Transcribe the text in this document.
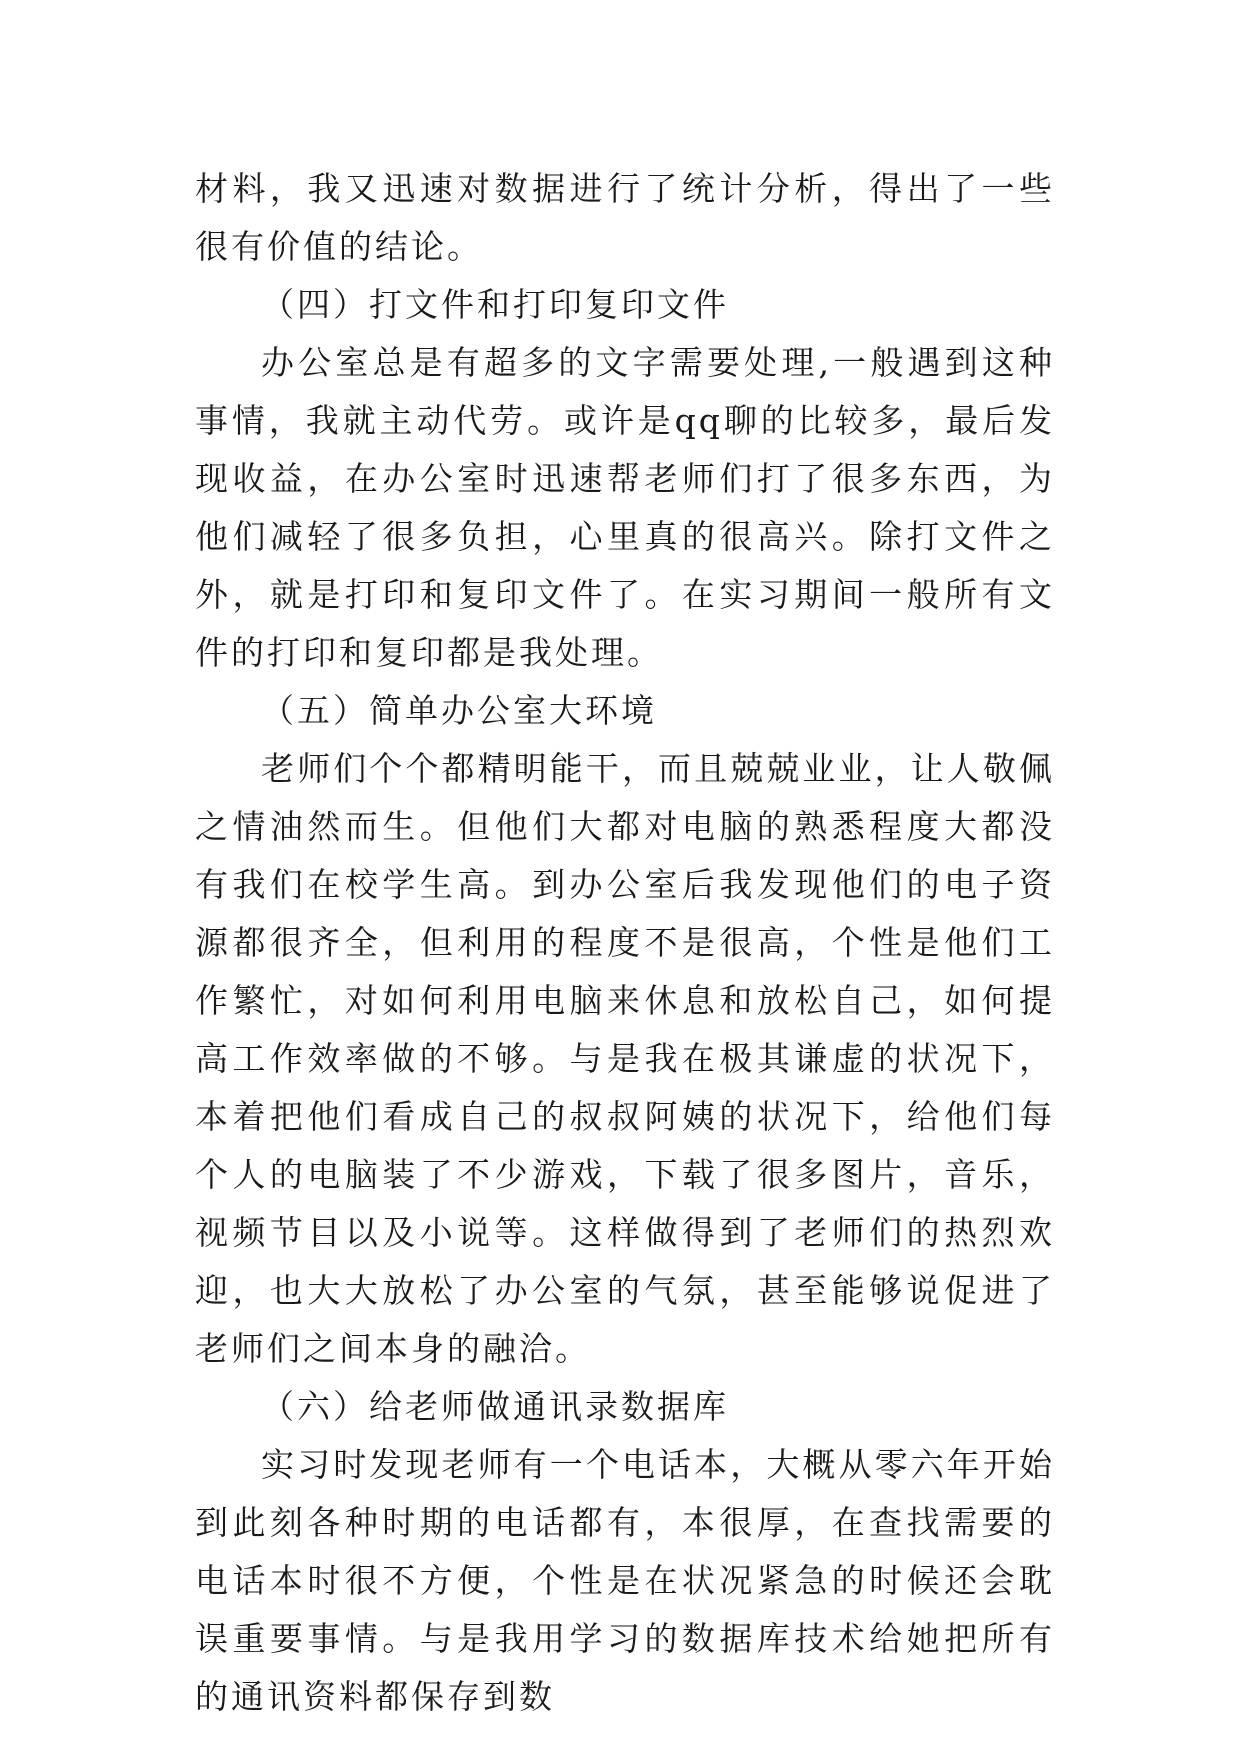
材料，我又迅速对数据进行了统计分析，得出了一些很有价值的结论。

（四）打文件和打印复印文件

办公室总是有超多的文字需要处理,一般遇到这种事情，我就主动代劳。或许是qq聊的比较多，最后发现收益，在办公室时迅速帮老师们打了很多东西，为他们减轻了很多负担，心里真的很高兴。除打文件之外，就是打印和复印文件了。在实习期间一般所有文件的打印和复印都是我处理。

（五）简单办公室大环境

老师们个个都精明能干，而且兢兢业业，让人敬佩之情油然而生。但他们大都对电脑的熟悉程度大都没有我们在校学生高。到办公室后我发现他们的电子资源都很齐全，但利用的程度不是很高，个性是他们工作繁忙，对如何利用电脑来休息和放松自己，如何提高工作效率做的不够。与是我在极其谦虚的状况下，本着把他们看成自己的叔叔阿姨的状况下，给他们每个人的电脑装了不少游戏，下载了很多图片，音乐，视频节目以及小说等。这样做得到了老师们的热烈欢迎，也大大放松了办公室的气氛，甚至能够说促进了老师们之间本身的融洽。

（六）给老师做通讯录数据库

实习时发现老师有一个电话本，大概从零六年开始到此刻各种时期的电话都有，本很厚，在查找需要的电话本时很不方便，个性是在状况紧急的时候还会耽误重要事情。与是我用学习的数据库技术给她把所有的通讯资料都保存到数
